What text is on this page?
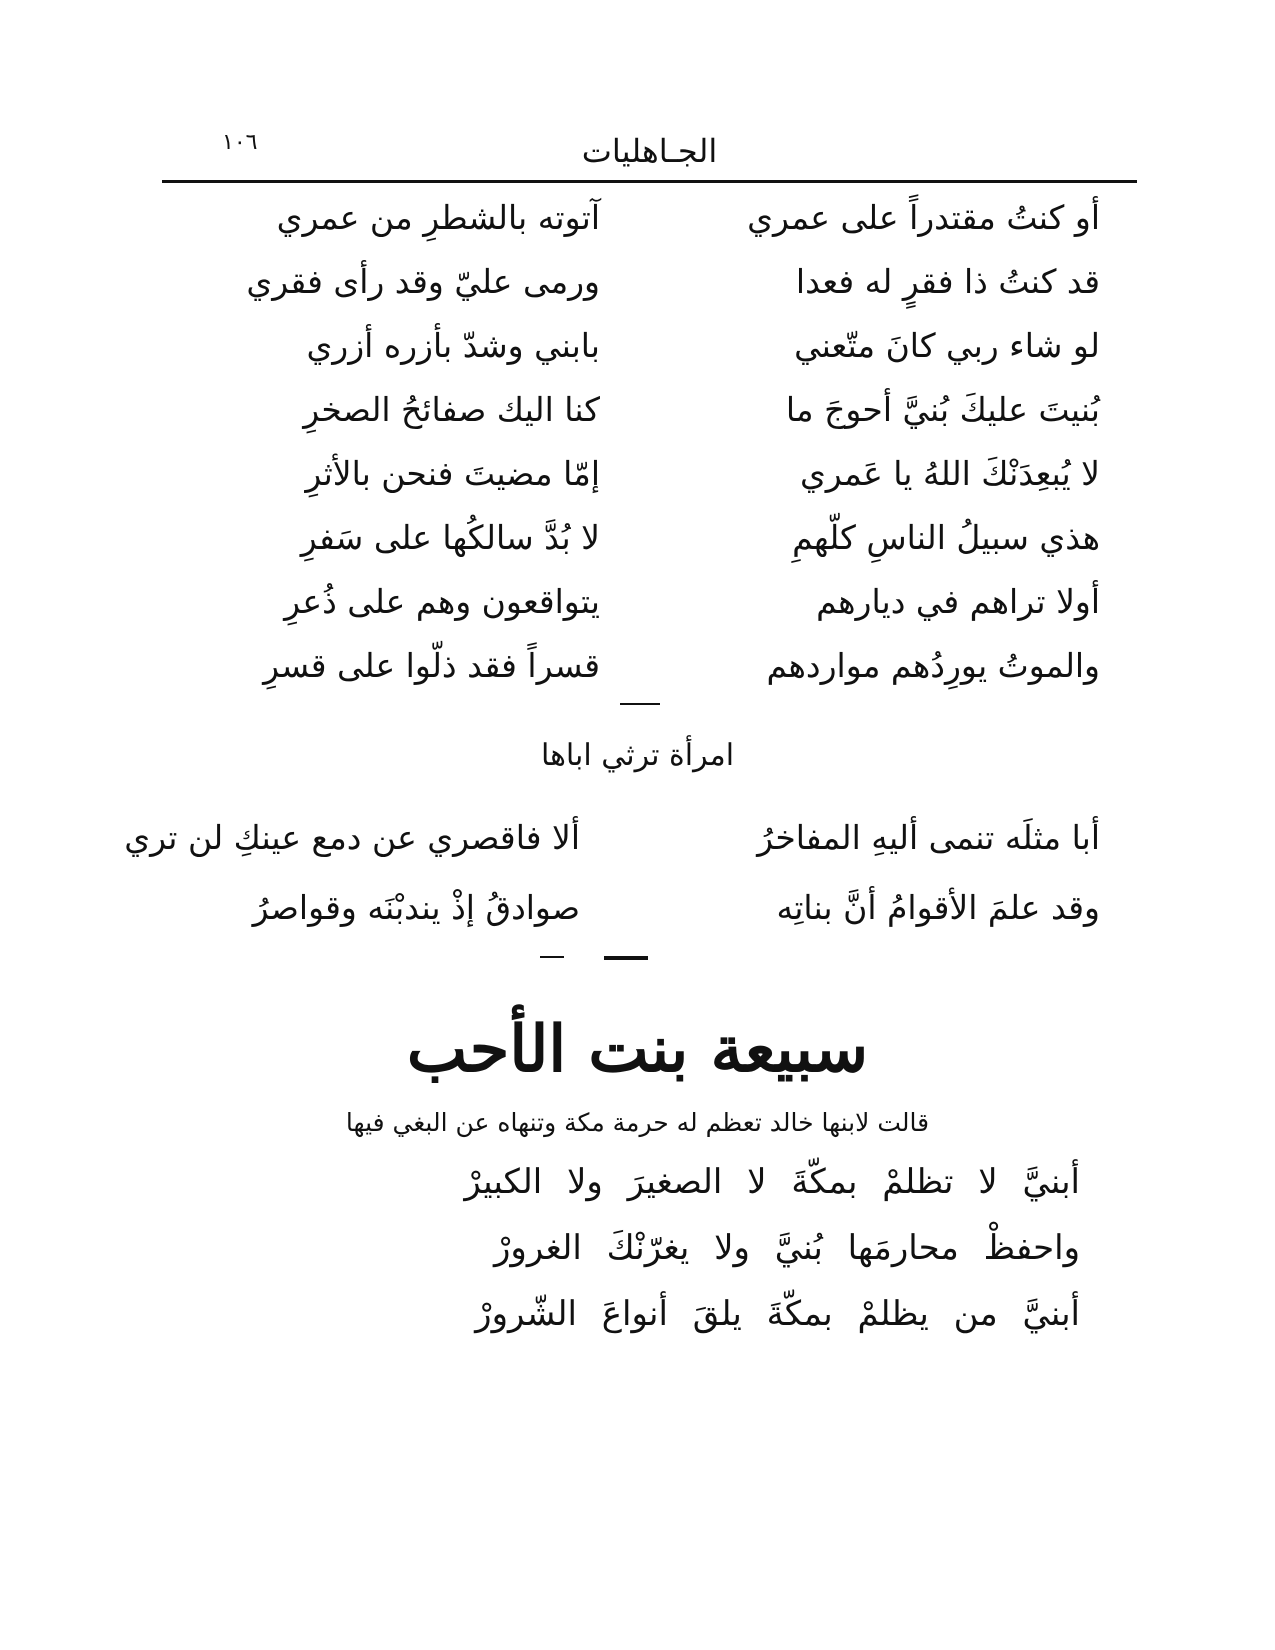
١٠٦	الجـاهليات
أو كنتُ مقتدراً على عمري
آتوته بالشطرِ من عمري
قد كنتُ ذا فقرٍ له فعدا
ورمى عليّ وقد رأى فقري
لو شاء ربي كانَ متّعني
بابني وشدّ بأزره أزري
بُنيتَ عليكَ بُنيَّ أحوجَ ما
كنا اليك صفائحُ الصخرِ
لا يُبعِدَنْكَ اللهُ يا عَمري
إمّا مضيتَ فنحن بالأثرِ
هذي سبيلُ الناسِ كلّهمِ
لا بُدَّ سالكُها على سَفرِ
أولا تراهم في ديارهم
يتواقعون وهم على ذُعرِ
والموتُ يورِدُهم مواردهم
قسراً فقد ذلّوا على قسرِ
امرأة ترثي اباها
أبا مثلَه تنمى أليهِ المفاخرُ
ألا فاقصري عن دمع عينكِ لن تري
وقد علمَ الأقوامُ أنَّ بناتِه
صوادقُ إذْ يندبْنَه وقواصرُ
سبيعة بنت الأحب
قالت لابنها خالد تعظم له حرمة مكة وتنهاه عن البغي فيها
أبنيَّ لا تظلمْ بمكّةَ لا الصغيرَ ولا الكبيرْ
واحفظْ محارمَها بُنيَّ ولا يغرّنْكَ الغرورْ
أبنيَّ من يظلمْ بمكّةَ يلقَ أنواعَ الشّرورْ
